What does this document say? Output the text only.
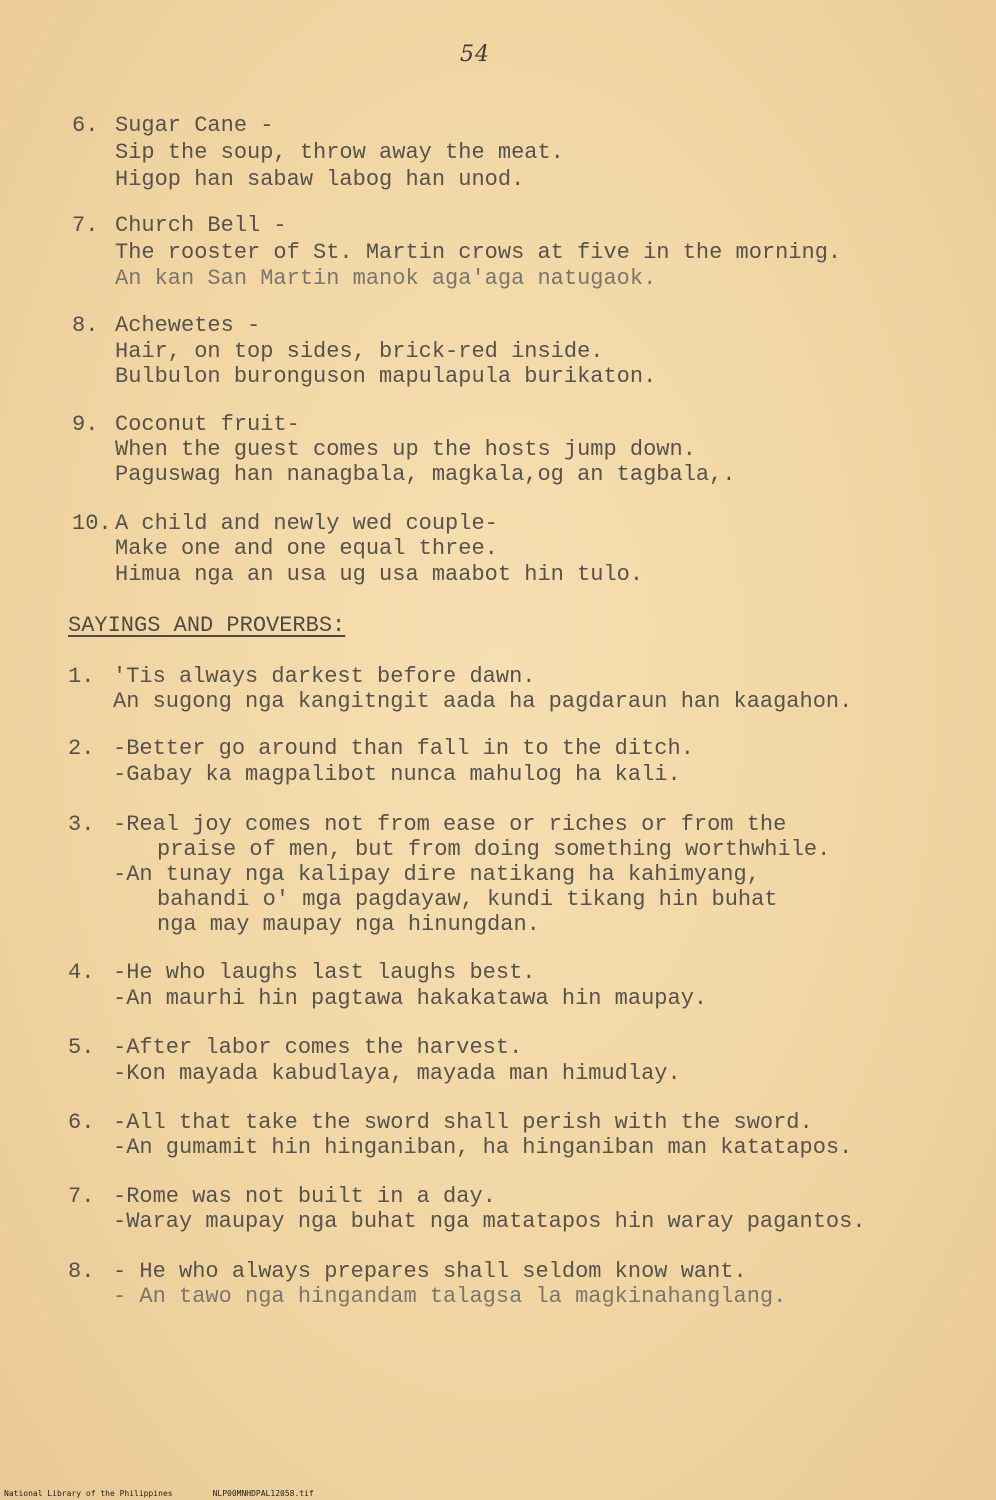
54
6. Sugar Cane -
Sip the soup, throw away the meat.
Higop han sabaw labog han unod.
7. Church Bell -
The rooster of St. Martin crows at five in the morning.
An kan San Martin manok aga'aga natugaok.
8. Achewetes -
Hair, on top sides, brick-red inside.
Bulbulon buronguson mapulapula burikaton.
9. Coconut fruit-
When the guest comes up the hosts jump down.
Paguswag han nanagbala, magkala,og an tagbala,.
10. A child and newly wed couple-
Make one and one equal three.
Himua nga an usa ug usa maabot hin tulo.
SAYINGS AND PROVERBS:
1. 'Tis always darkest before dawn.
An sugong nga kangitngit aada ha pagdaraun han kaagahon.
2. -Better go around than fall in to the ditch.
-Gabay ka magpalibot nunca mahulog ha kali.
3. -Real joy comes not from ease or riches or from the
praise of men, but from doing something worthwhile.
-An tunay nga kalipay dire natikang ha kahimyang,
bahandi o' mga pagdayaw, kundi tikang hin buhat
nga may maupay nga hinungdan.
4. -He who laughs last laughs best.
-An maurhi hin pagtawa hakakatawa hin maupay.
5. -After labor comes the harvest.
-Kon mayada kabudlaya, mayada man himudlay.
6. -All that take the sword shall perish with the sword.
-An gumamit hin hinganiban, ha hinganiban man katatapos.
7. -Rome was not built in a day.
-Waray maupay nga buhat nga matatapos hin waray pagantos.
8. - He who always prepares shall seldom know want.
- An tawo nga hingandam talagsa la magkinahanglang.
National Library of the Philippines	NLP00MNHDPAL12058.tif
